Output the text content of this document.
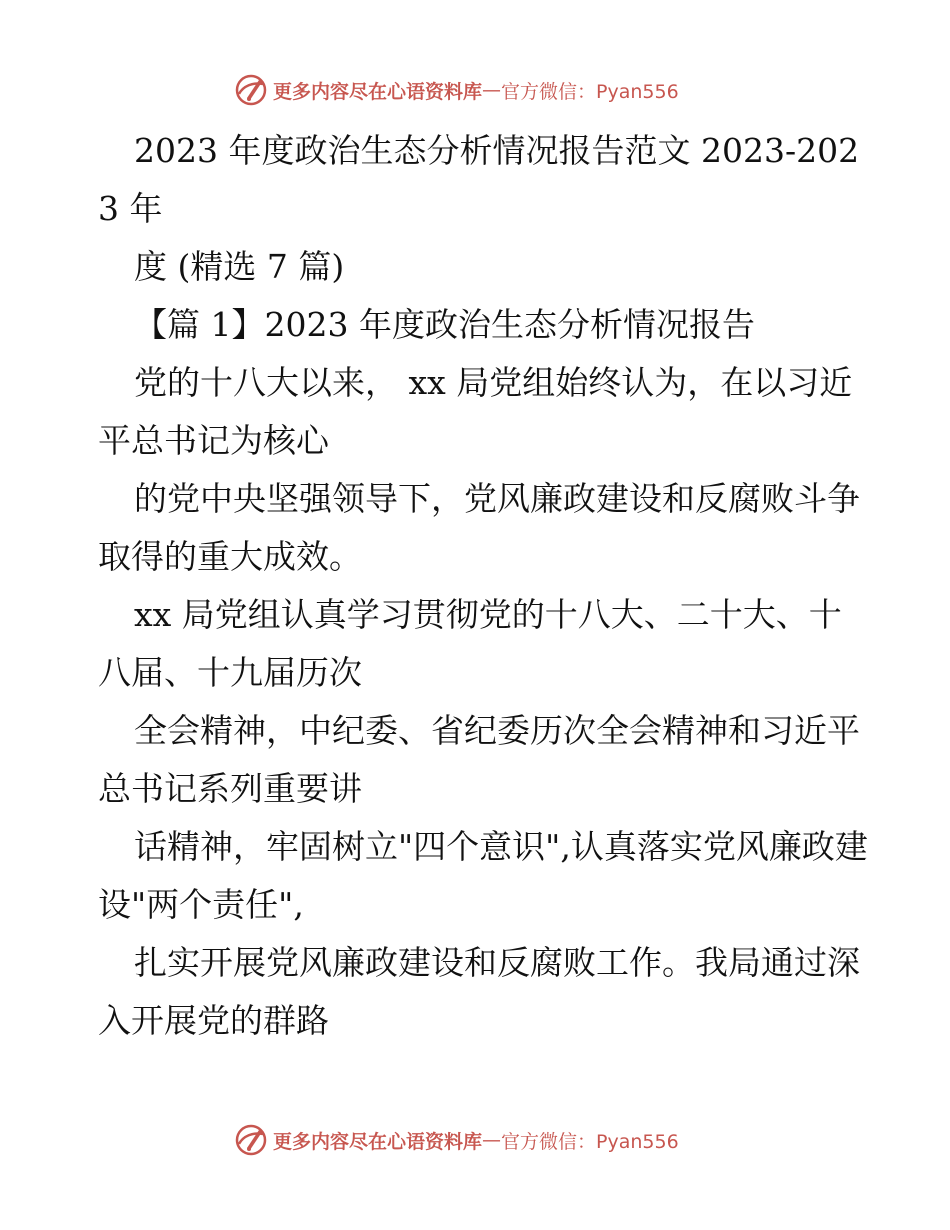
更多内容尽在心语资料库 — 官方微信：Pyan556

2023 年度政治生态分析情况报告范文 2023-2023 年

度 (精选 7 篇)

【篇 1】2023 年度政治生态分析情况报告

党的十八大以来， xx 局党组始终认为，在以习近平总书记为核心

的党中央坚强领导下，党风廉政建设和反腐败斗争取得的重大成效。

xx 局党组认真学习贯彻党的十八大、二十大、十八届、十九届历次

全会精神，中纪委、省纪委历次全会精神和习近平总书记系列重要讲

话精神，牢固树立"四个意识",认真落实党风廉政建设"两个责任",

扎实开展党风廉政建设和反腐败工作。我局通过深入开展党的群路

更多内容尽在心语资料库 — 官方微信：Pyan556
